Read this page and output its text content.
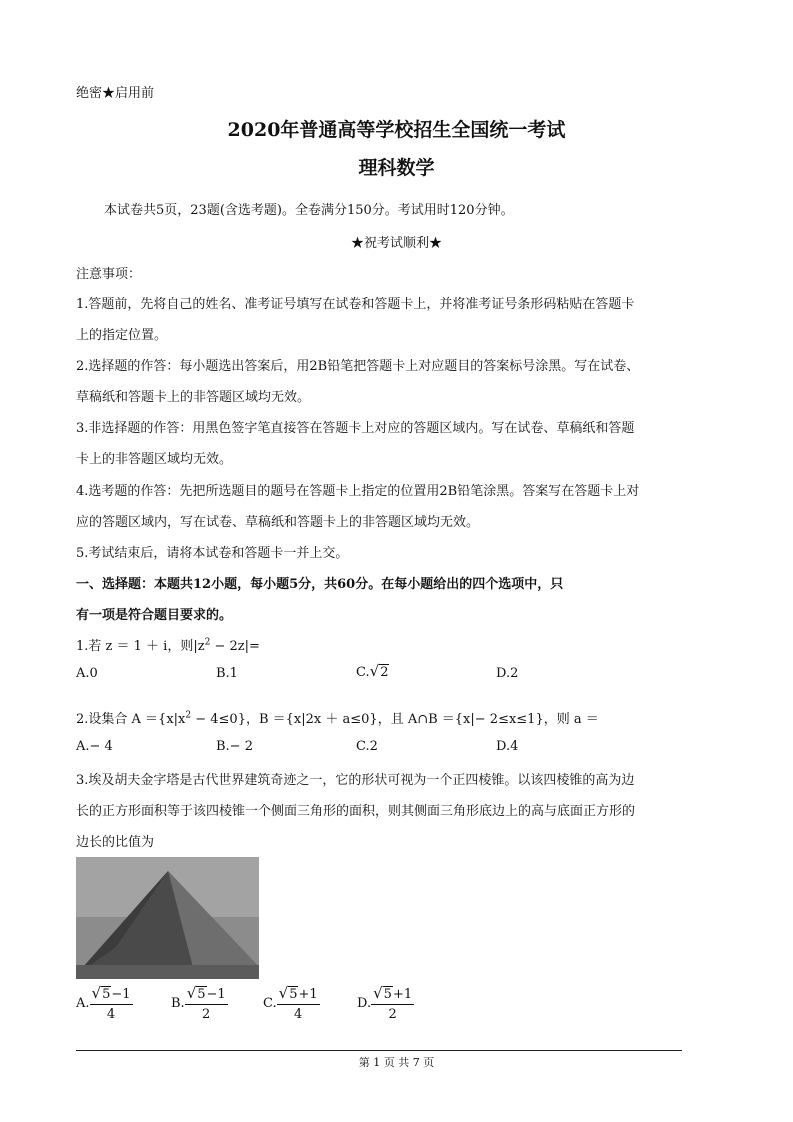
绝密★启用前
2020年普通高等学校招生全国统一考试
理科数学
本试卷共5页，23题(含选考题)。全卷满分150分。考试用时120分钟。
★祝考试顺利★
注意事项：
1.答题前，先将自己的姓名、准考证号填写在试卷和答题卡上，并将准考证号条形码粘贴在答题卡
上的指定位置。
2.选择题的作答：每小题选出答案后，用2B铅笔把答题卡上对应题目的答案标号涂黑。写在试卷、
草稿纸和答题卡上的非答题区域均无效。
3.非选择题的作答：用黑色签字笔直接答在答题卡上对应的答题区域内。写在试卷、草稿纸和答题
卡上的非答题区域均无效。
4.选考题的作答：先把所选题目的题号在答题卡上指定的位置用2B铅笔涂黑。答案写在答题卡上对
应的答题区域内，写在试卷、草稿纸和答题卡上的非答题区域均无效。
5.考试结束后，请将本试卷和答题卡一并上交。
一、选择题：本题共12小题，每小题5分，共60分。在每小题给出的四个选项中，只
有一项是符合题目要求的。
1.若 z ＝ 1 ＋ i，则$|z^2 - 2z|=$
A.0	B.1	C.√2	D.2
2.设集合 $A =\{x|x^2 - 4\le 0\}$，B ＝{x|2x ＋ a≤0}，且 A∩B ＝{x|− 2≤x≤1}，则 a ＝
A.− 4	B.− 2	C.2	D.4
3.埃及胡夫金字塔是古代世界建筑奇迹之一，它的形状可视为一个正四棱锥。以该四棱锥的高为边
长的正方形面积等于该四棱锥一个侧面三角形的面积，则其侧面三角形底边上的高与底面正方形的
边长的比值为
A. $\frac{√5-1}{4}$	B. $\frac{√5-1}{2}$	C. $\frac{√5+1}{4}$	D. $\frac{√5+1}{2}$
第 1 页 共 7 页
